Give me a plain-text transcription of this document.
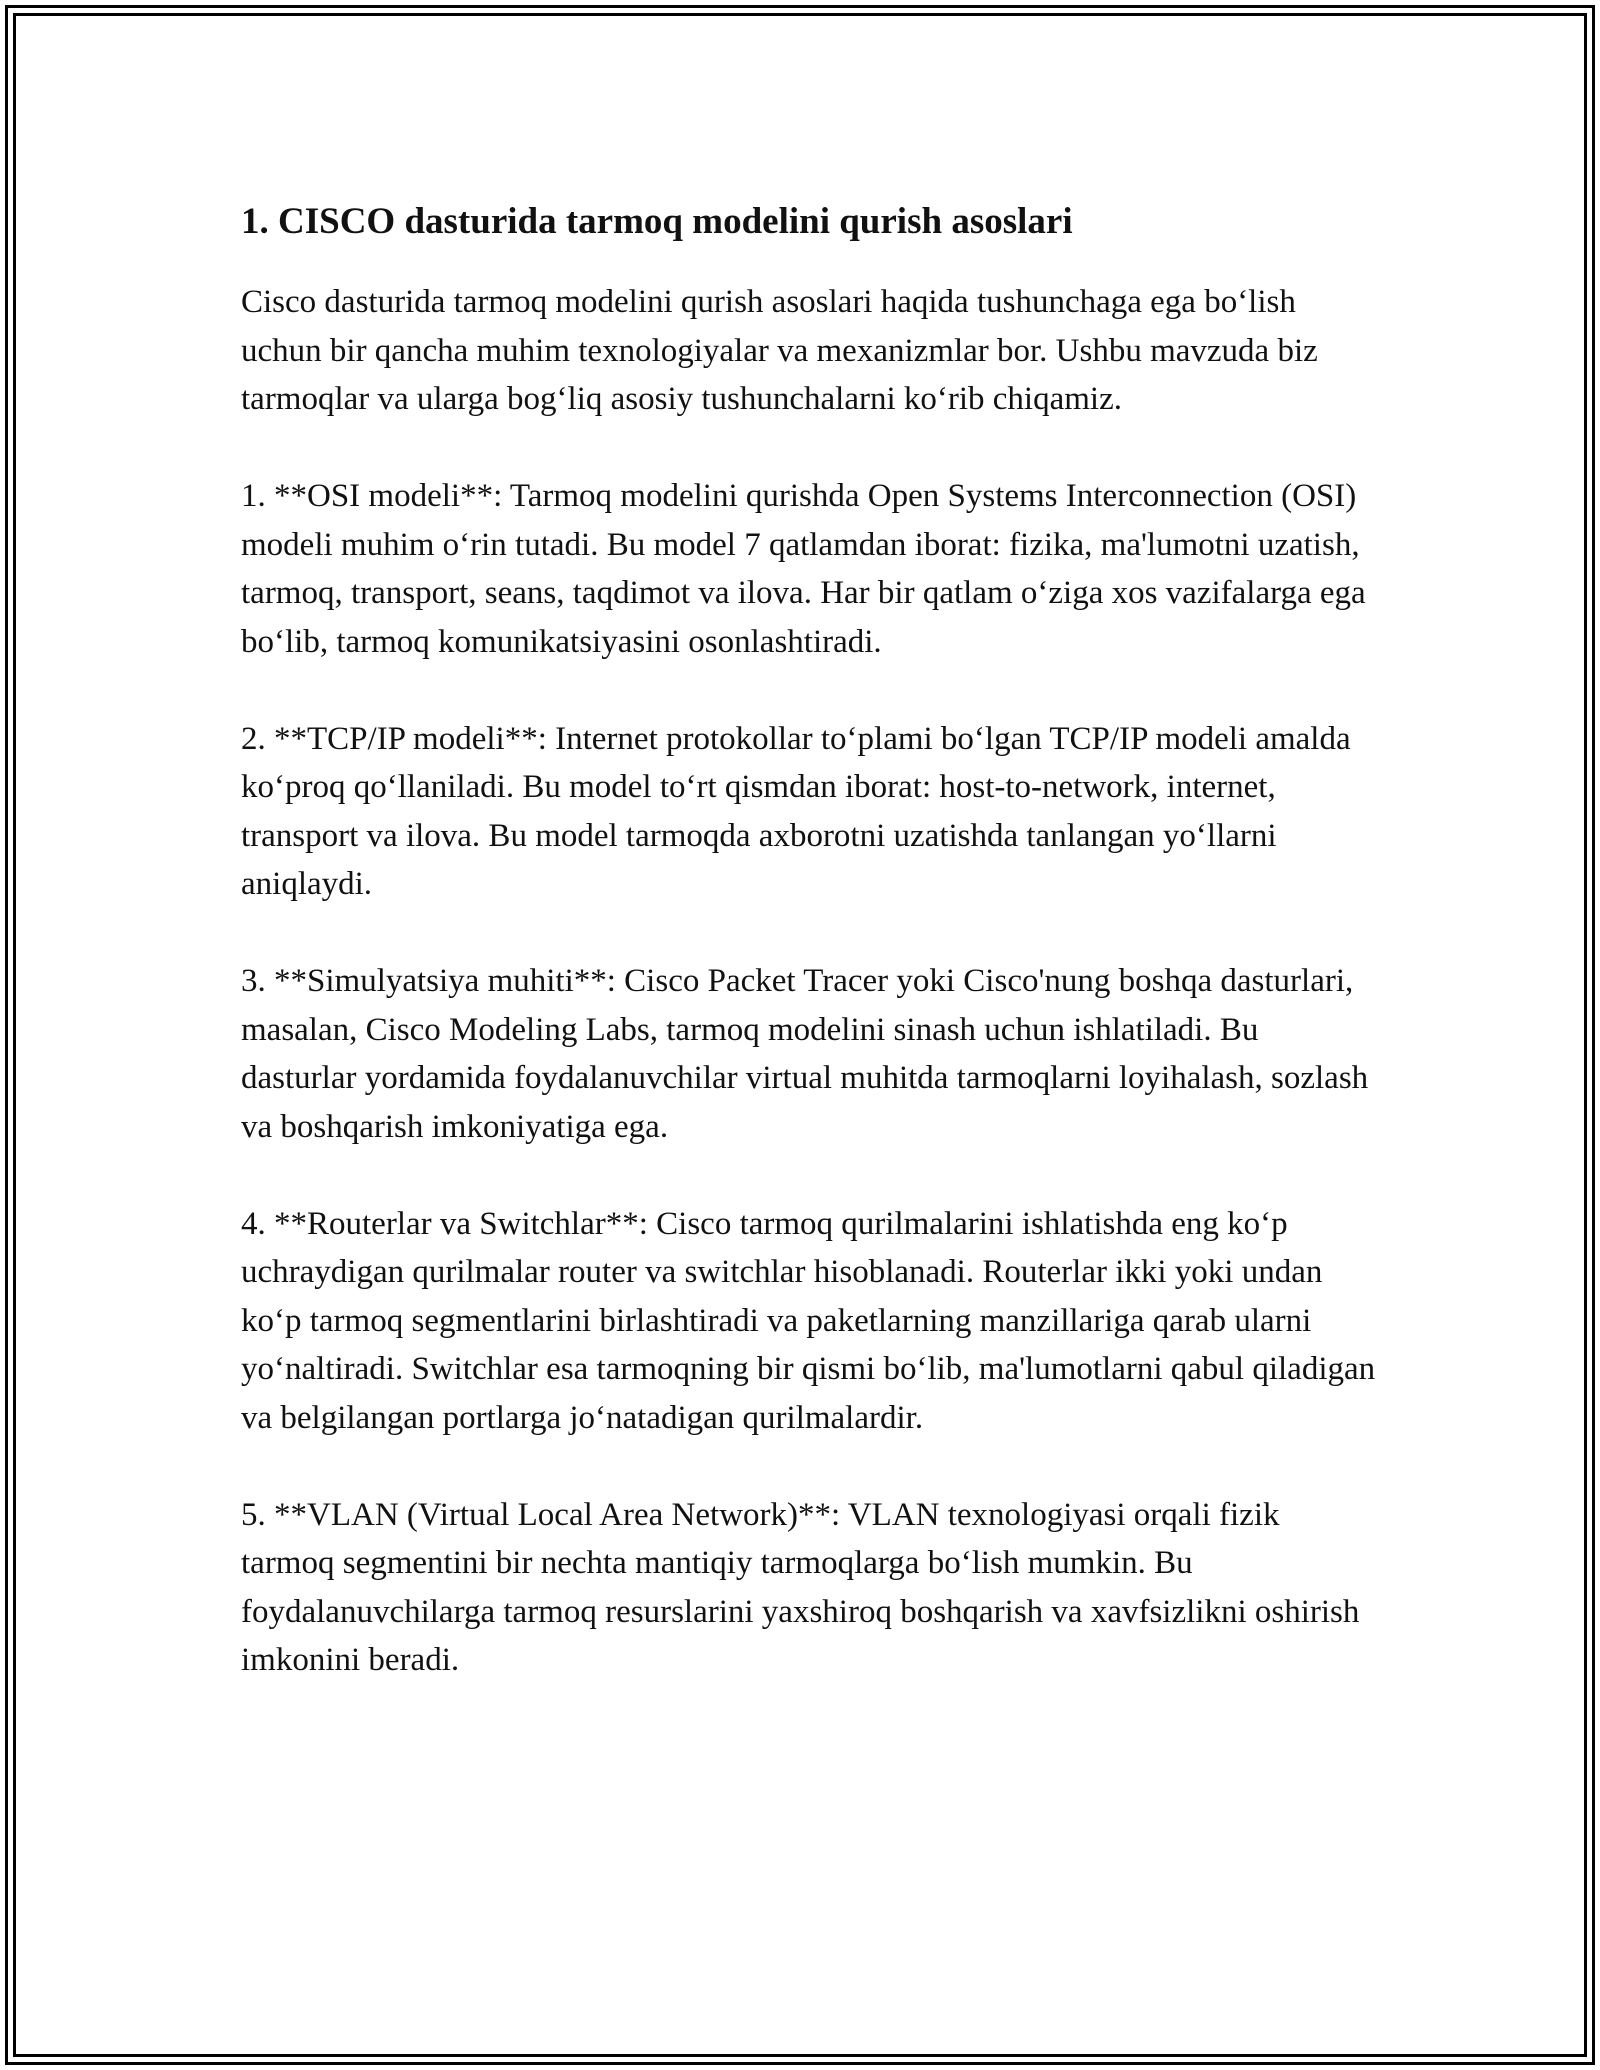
1. CISCO dasturida tarmoq modelini qurish asoslari

Cisco dasturida tarmoq modelini qurish asoslari haqida tushunchaga ega bo‘lish uchun bir qancha muhim texnologiyalar va mexanizmlar bor. Ushbu mavzuda biz tarmoqlar va ularga bog‘liq asosiy tushunchalarni ko‘rib chiqamiz.

1. **OSI modeli**: Tarmoq modelini qurishda Open Systems Interconnection (OSI) modeli muhim o‘rin tutadi. Bu model 7 qatlamdan iborat: fizika, ma'lumotni uzatish, tarmoq, transport, seans, taqdimot va ilova. Har bir qatlam o‘ziga xos vazifalarga ega bo‘lib, tarmoq komunikatsiyasini osonlashtiradi.

2. **TCP/IP modeli**: Internet protokollar to‘plami bo‘lgan TCP/IP modeli amalda ko‘proq qo‘llaniladi. Bu model to‘rt qismdan iborat: host-to-network, internet, transport va ilova. Bu model tarmoqda axborotni uzatishda tanlangan yo‘llarni aniqlaydi.

3. **Simulyatsiya muhiti**: Cisco Packet Tracer yoki Cisco'nung boshqa dasturlari, masalan, Cisco Modeling Labs, tarmoq modelini sinash uchun ishlatiladi. Bu dasturlar yordamida foydalanuvchilar virtual muhitda tarmoqlarni loyihalash, sozlash va boshqarish imkoniyatiga ega.

4. **Routerlar va Switchlar**: Cisco tarmoq qurilmalarini ishlatishda eng ko‘p uchraydigan qurilmalar router va switchlar hisoblanadi. Routerlar ikki yoki undan ko‘p tarmoq segmentlarini birlashtiradi va paketlarning manzillariga qarab ularni yo‘naltiradi. Switchlar esa tarmoqning bir qismi bo‘lib, ma'lumotlarni qabul qiladigan va belgilangan portlarga jo‘natadigan qurilmalardir.

5. **VLAN (Virtual Local Area Network)**: VLAN texnologiyasi orqali fizik tarmoq segmentini bir nechta mantiqiy tarmoqlarga bo‘lish mumkin. Bu foydalanuvchilarga tarmoq resurslarini yaxshiroq boshqarish va xavfsizlikni oshirish imkonini beradi.
